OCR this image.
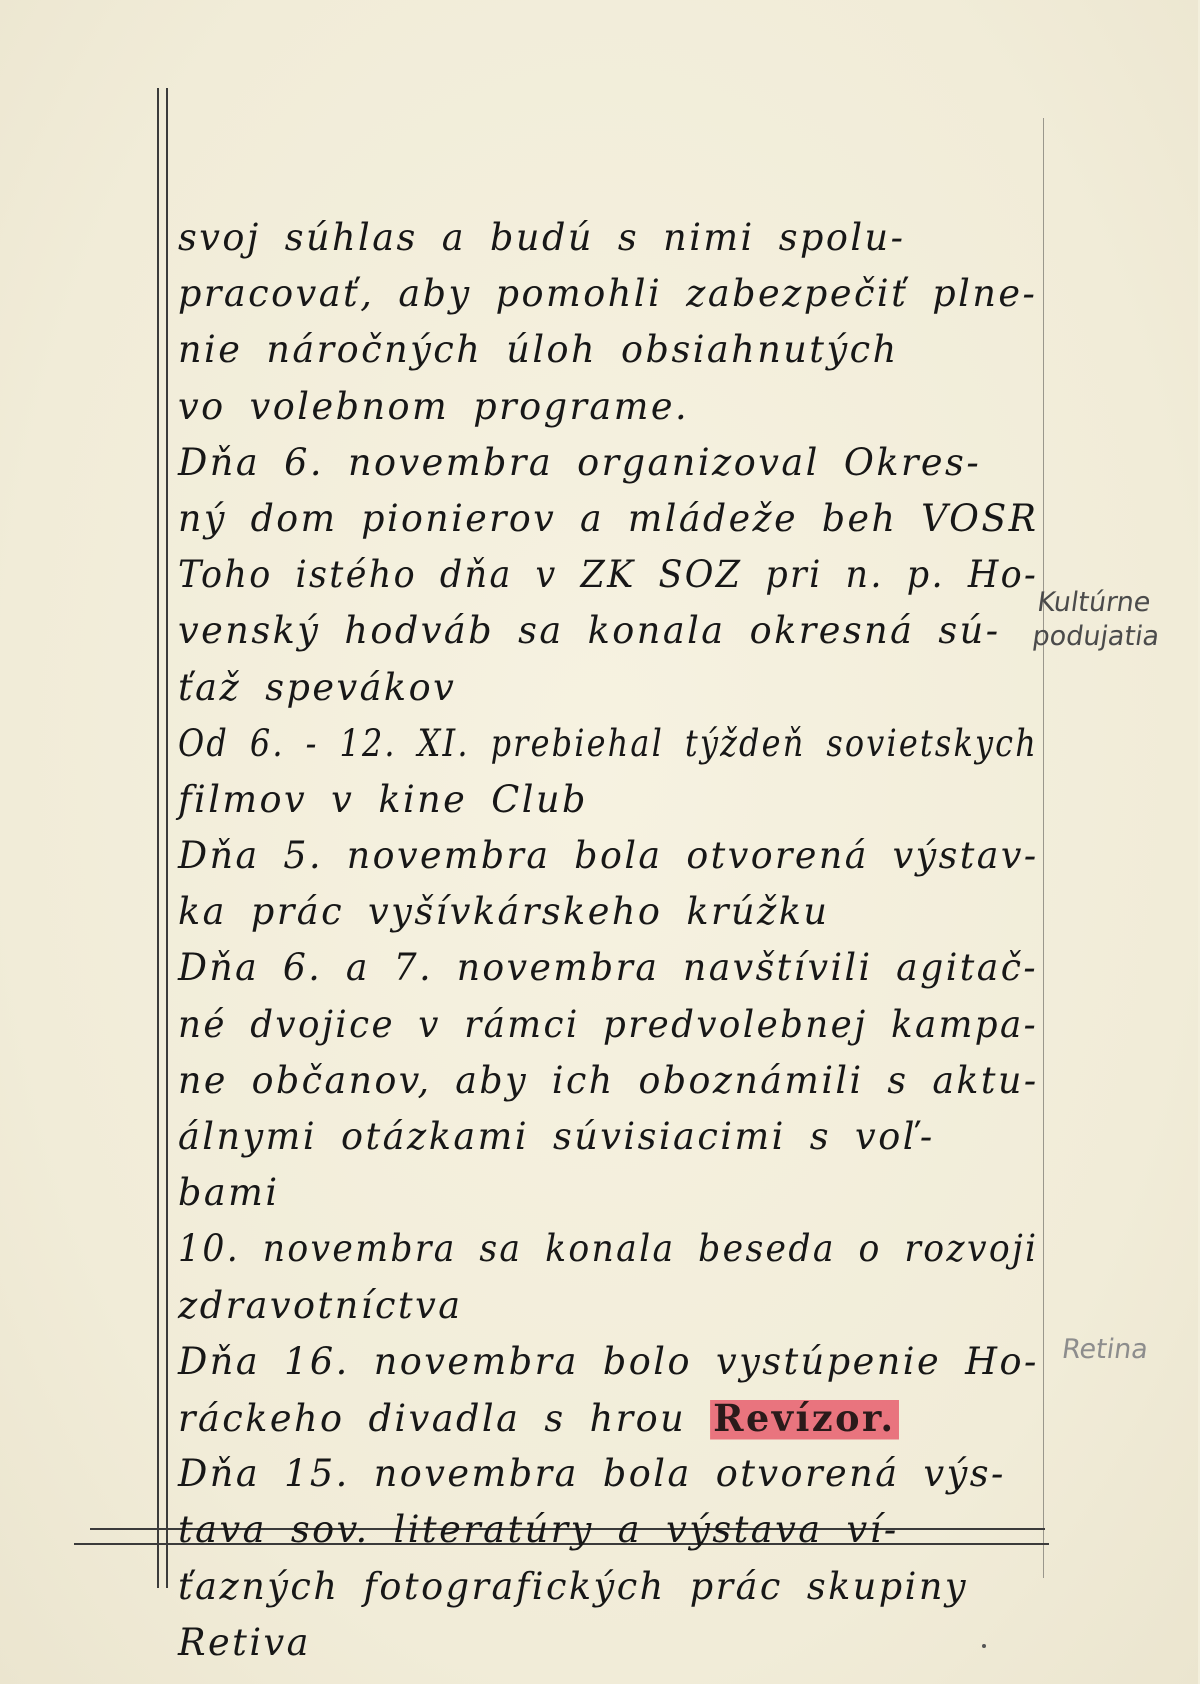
svoj súhlas a budú s nimi spolu-
pracovať, aby pomohli zabezpečiť plne-
nie náročných úloh obsiahnutých
vo volebnom programe.
Dňa 6. novembra organizoval Okres-
ný dom pionierov a mládeže beh VOSR
Toho istého dňa v ZK SOZ pri n. p. Ho-
venský hodváb sa konala okresná sú-
ťaž spevákov
Od 6. - 12. XI. prebiehal týždeň sovietskych
filmov v kine Club
Dňa 5. novembra bola otvorená výstav-
ka prác vyšívkárskeho krúžku
Dňa 6. a 7. novembra navštívili agitač-
né dvojice v rámci predvolebnej kampa-
ne občanov, aby ich oboznámili s aktu-
álnymi otázkami súvisiacimi s voľ-
bami
10. novembra sa konala beseda o rozvoji
zdravotníctva
Dňa 16. novembra bolo vystúpenie Ho-
ráckeho divadla s hrou Revízor.
Dňa 15. novembra bola otvorená výs-
tava sov. literatúry a výstava ví-
ťazných fotografických prác skupiny
Retiva
Kultúrne podujatia
Retina
